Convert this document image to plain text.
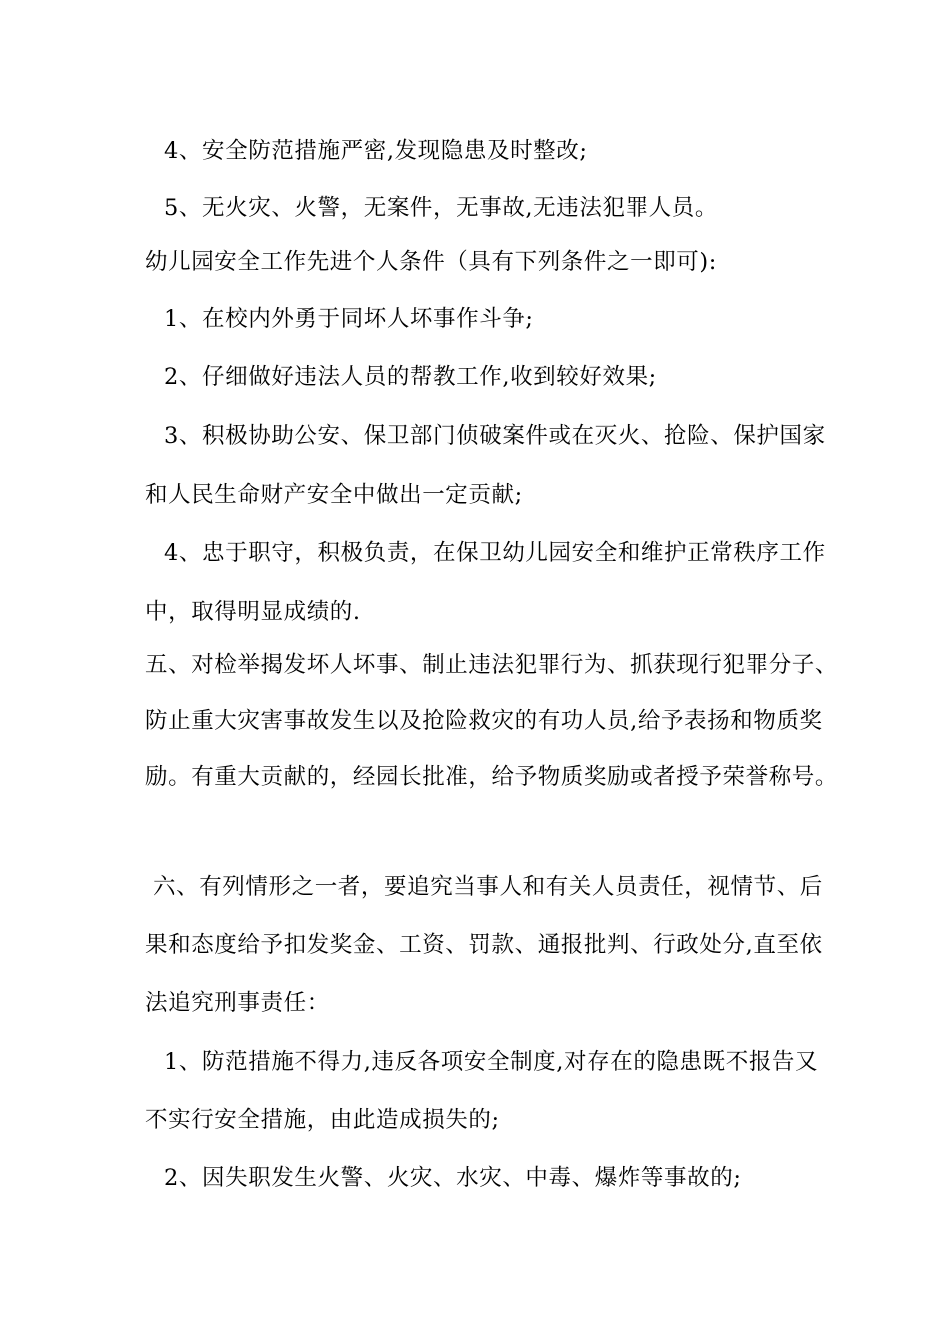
4、安全防范措施严密,发现隐患及时整改;
5、无火灾、火警，无案件，无事故,无违法犯罪人员。
幼儿园安全工作先进个人条件（具有下列条件之一即可):
1、在校内外勇于同坏人坏事作斗争;
2、仔细做好违法人员的帮教工作,收到较好效果;
3、积极协助公安、保卫部门侦破案件或在灭火、抢险、保护国家
和人民生命财产安全中做出一定贡献;
4、忠于职守，积极负责，在保卫幼儿园安全和维护正常秩序工作
中，取得明显成绩的.
五、对检举揭发坏人坏事、制止违法犯罪行为、抓获现行犯罪分子、
防止重大灾害事故发生以及抢险救灾的有功人员,给予表扬和物质奖
励。有重大贡献的，经园长批准，给予物质奖励或者授予荣誉称号。
六、有列情形之一者，要追究当事人和有关人员责任，视情节、后
果和态度给予扣发奖金、工资、罚款、通报批判、行政处分,直至依
法追究刑事责任：
1、防范措施不得力,违反各项安全制度,对存在的隐患既不报告又
不实行安全措施，由此造成损失的;
2、因失职发生火警、火灾、水灾、中毒、爆炸等事故的;
